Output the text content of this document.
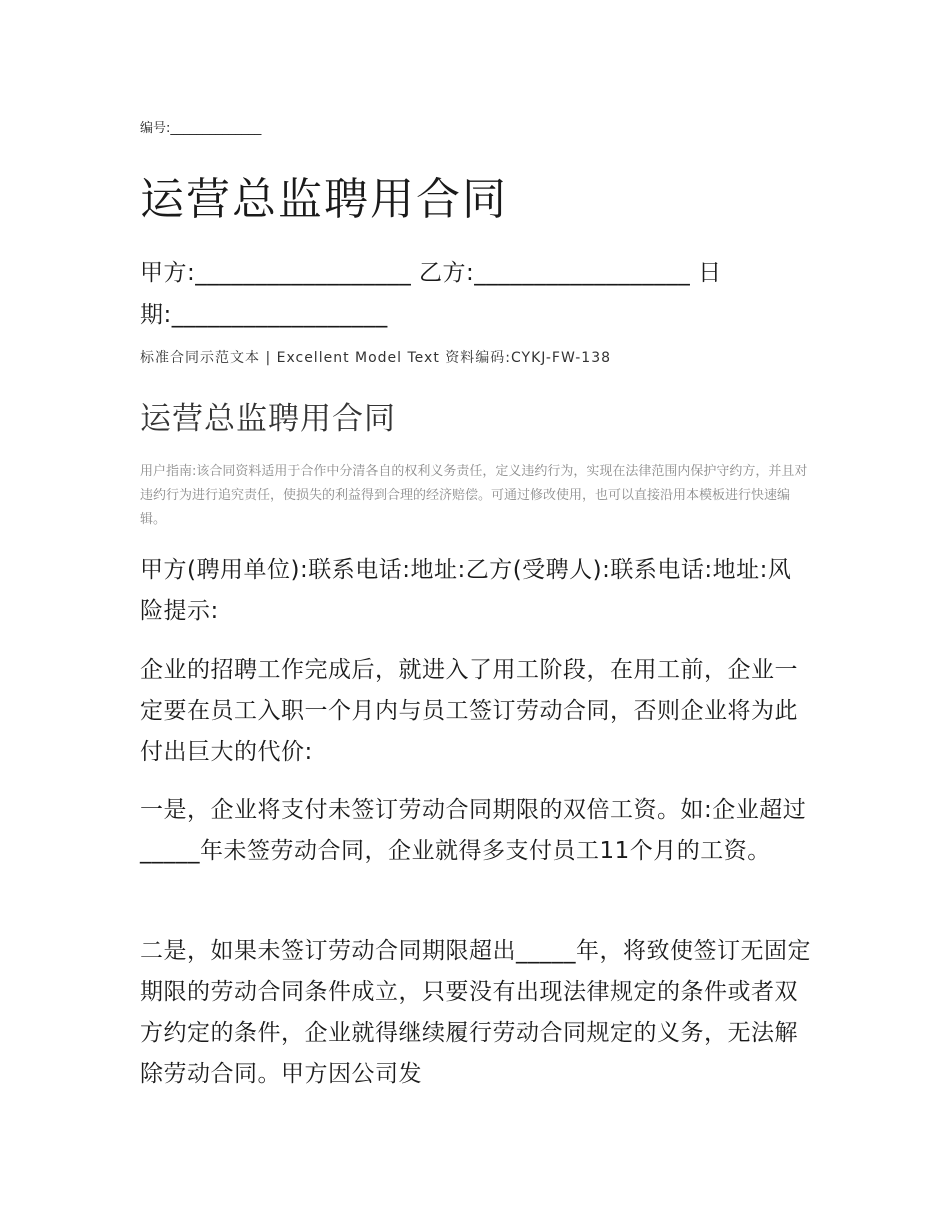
编号:______________
运营总监聘用合同
甲方:__________________ 乙方:__________________ 日期:__________________
标准合同示范文本 | Excellent Model Text 资料编码:CYKJ-FW-138
运营总监聘用合同
用户指南:该合同资料适用于合作中分清各自的权利义务责任，定义违约行为，实现在法律范围内保护守约方，并且对违约行为进行追究责任，使损失的利益得到合理的经济赔偿。可通过修改使用，也可以直接沿用本模板进行快速编辑。

甲方(聘用单位):联系电话:地址:乙方(受聘人):联系电话:地址:风险提示:

企业的招聘工作完成后，就进入了用工阶段，在用工前，企业一定要在员工入职一个月内与员工签订劳动合同，否则企业将为此付出巨大的代价:

一是，企业将支付未签订劳动合同期限的双倍工资。如:企业超过_____年未签劳动合同，企业就得多支付员工11个月的工资。

二是，如果未签订劳动合同期限超出_____年，将致使签订无固定期限的劳动合同条件成立，只要没有出现法律规定的条件或者双方约定的条件，企业就得继续履行劳动合同规定的义务，无法解除劳动合同。甲方因公司发
